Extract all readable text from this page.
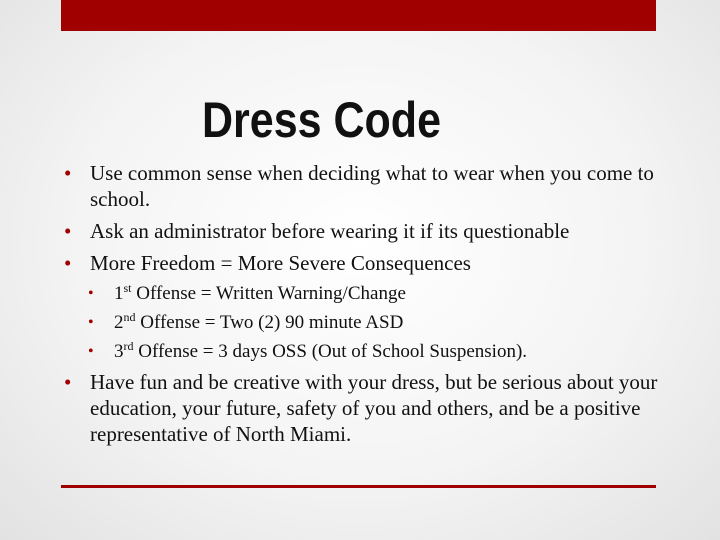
Dress Code
• Use common sense when deciding what to wear when you come to school.
• Ask an administrator before wearing it if its questionable
• More Freedom = More Severe Consequences
• 1st Offense = Written Warning/Change
• 2nd Offense = Two (2) 90 minute ASD
• 3rd Offense = 3 days OSS (Out of School Suspension).
• Have fun and be creative with your dress, but be serious about your education, your future, safety of you and others, and be a positive representative of North Miami.
